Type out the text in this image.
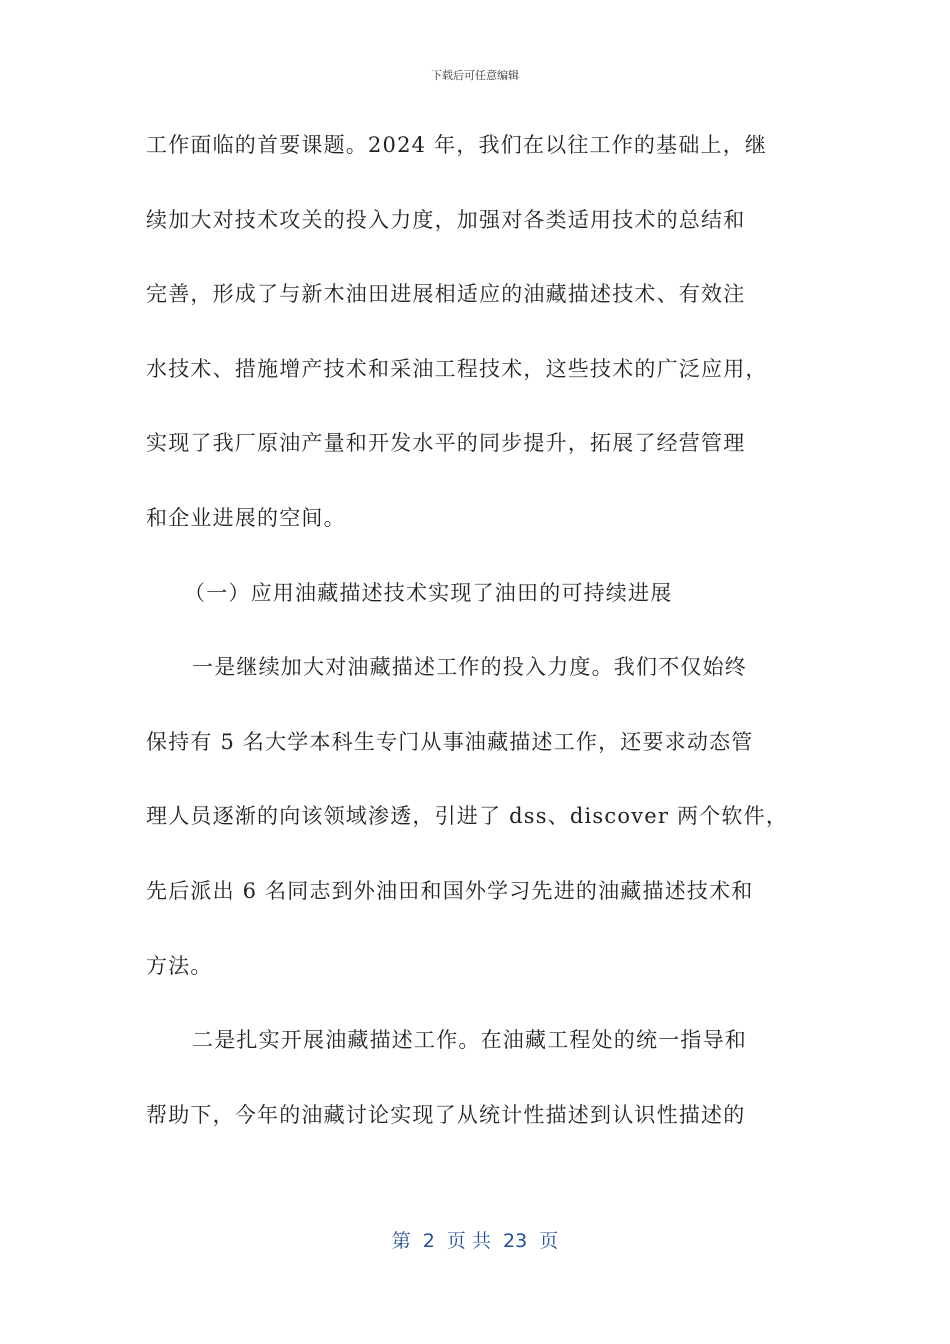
下载后可任意编辑
工作面临的首要课题。2024 年，我们在以往工作的基础上，继
续加大对技术攻关的投入力度，加强对各类适用技术的总结和
完善，形成了与新木油田进展相适应的油藏描述技术、有效注
水技术、措施增产技术和采油工程技术，这些技术的广泛应用，
实现了我厂原油产量和开发水平的同步提升，拓展了经营管理
和企业进展的空间。
（一）应用油藏描述技术实现了油田的可持续进展
一是继续加大对油藏描述工作的投入力度。我们不仅始终
保持有 5 名大学本科生专门从事油藏描述工作，还要求动态管
理人员逐渐的向该领域渗透，引进了 dss、discover 两个软件，
先后派出 6 名同志到外油田和国外学习先进的油藏描述技术和
方法。
二是扎实开展油藏描述工作。在油藏工程处的统一指导和
帮助下，今年的油藏讨论实现了从统计性描述到认识性描述的
第  2  页 共  23  页
